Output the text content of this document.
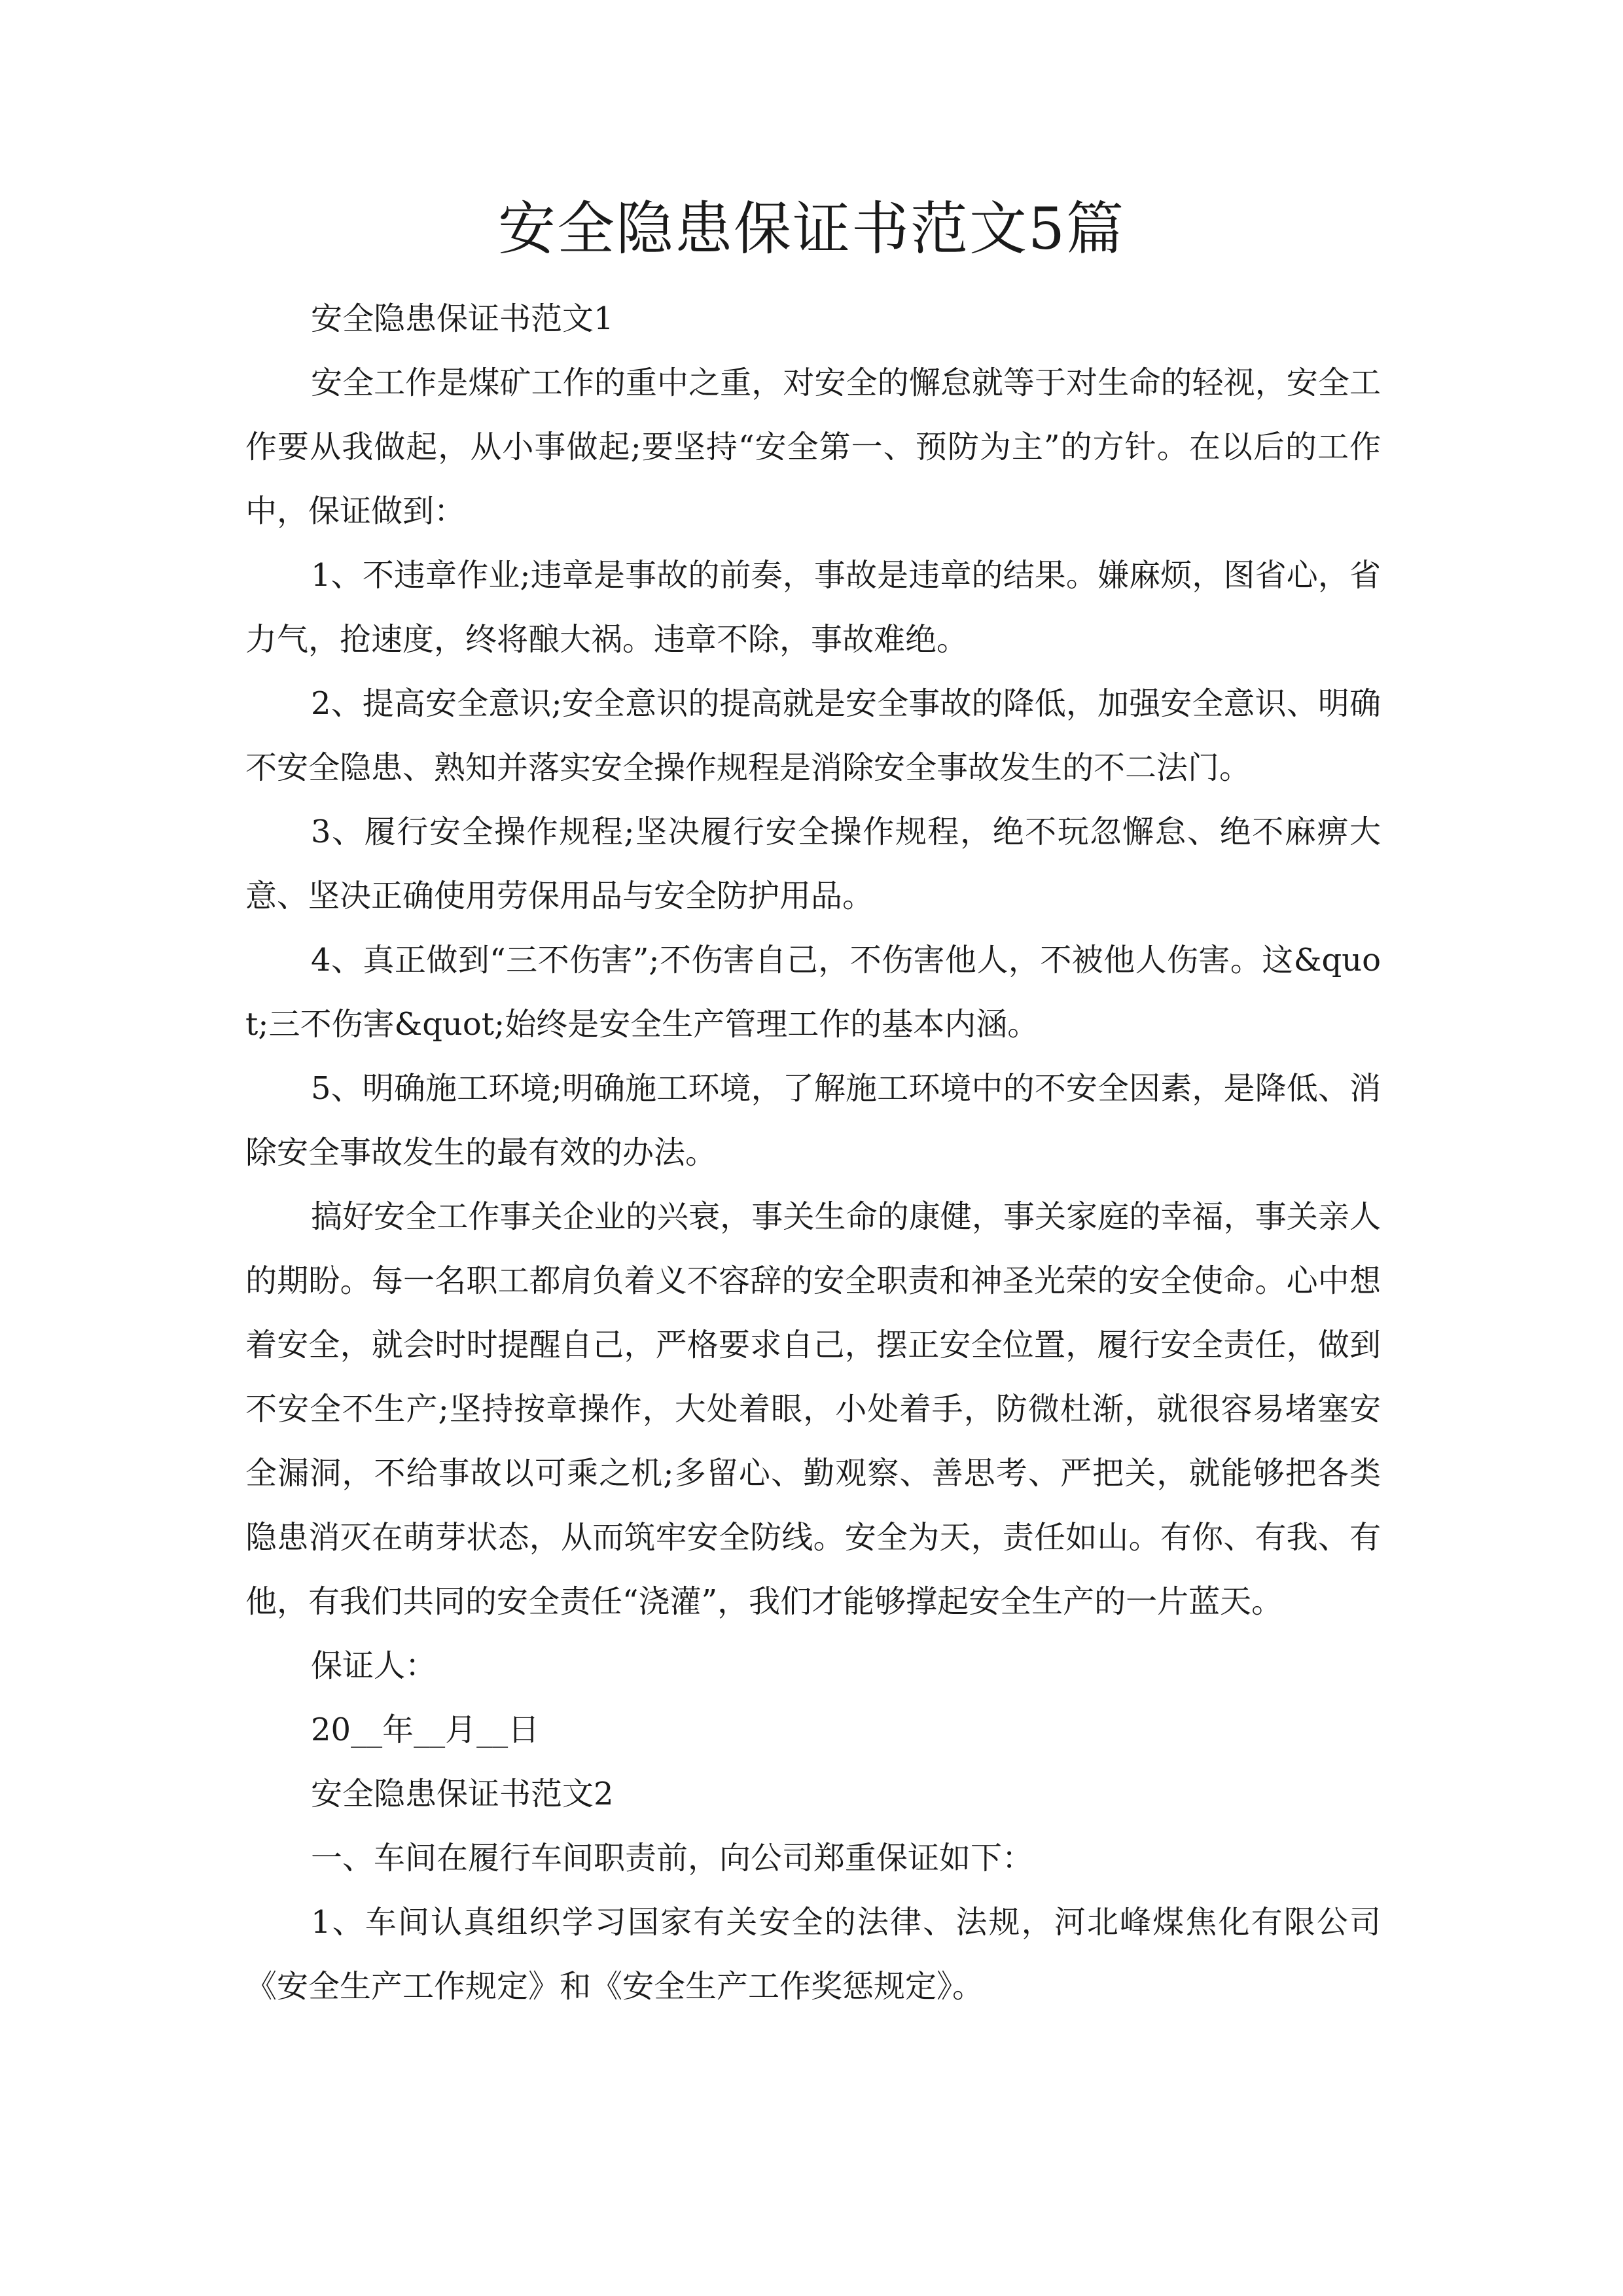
安全隐患保证书范文5篇

安全隐患保证书范文1

安全工作是煤矿工作的重中之重，对安全的懈怠就等于对生命的轻视，安全工作要从我做起，从小事做起;要坚持“安全第一、预防为主”的方针。在以后的工作中，保证做到：

1、不违章作业;违章是事故的前奏，事故是违章的结果。嫌麻烦，图省心，省力气，抢速度，终将酿大祸。违章不除，事故难绝。

2、提高安全意识;安全意识的提高就是安全事故的降低，加强安全意识、明确不安全隐患、熟知并落实安全操作规程是消除安全事故发生的不二法门。

3、履行安全操作规程;坚决履行安全操作规程，绝不玩忽懈怠、绝不麻痹大意、坚决正确使用劳保用品与安全防护用品。

4、真正做到“三不伤害”;不伤害自己，不伤害他人，不被他人伤害。这&quot;三不伤害&quot;始终是安全生产管理工作的基本内涵。

5、明确施工环境;明确施工环境，了解施工环境中的不安全因素，是降低、消除安全事故发生的最有效的办法。

搞好安全工作事关企业的兴衰，事关生命的康健，事关家庭的幸福，事关亲人的期盼。每一名职工都肩负着义不容辞的安全职责和神圣光荣的安全使命。心中想着安全，就会时时提醒自己，严格要求自己，摆正安全位置，履行安全责任，做到不安全不生产;坚持按章操作，大处着眼，小处着手，防微杜渐，就很容易堵塞安全漏洞，不给事故以可乘之机;多留心、勤观察、善思考、严把关，就能够把各类隐患消灭在萌芽状态，从而筑牢安全防线。安全为天，责任如山。有你、有我、有他，有我们共同的安全责任“浇灌”，我们才能够撑起安全生产的一片蓝天。

保证人：

20__年__月__日

安全隐患保证书范文2

一、车间在履行车间职责前，向公司郑重保证如下：

1、车间认真组织学习国家有关安全的法律、法规，河北峰煤焦化有限公司《安全生产工作规定》和《安全生产工作奖惩规定》。
